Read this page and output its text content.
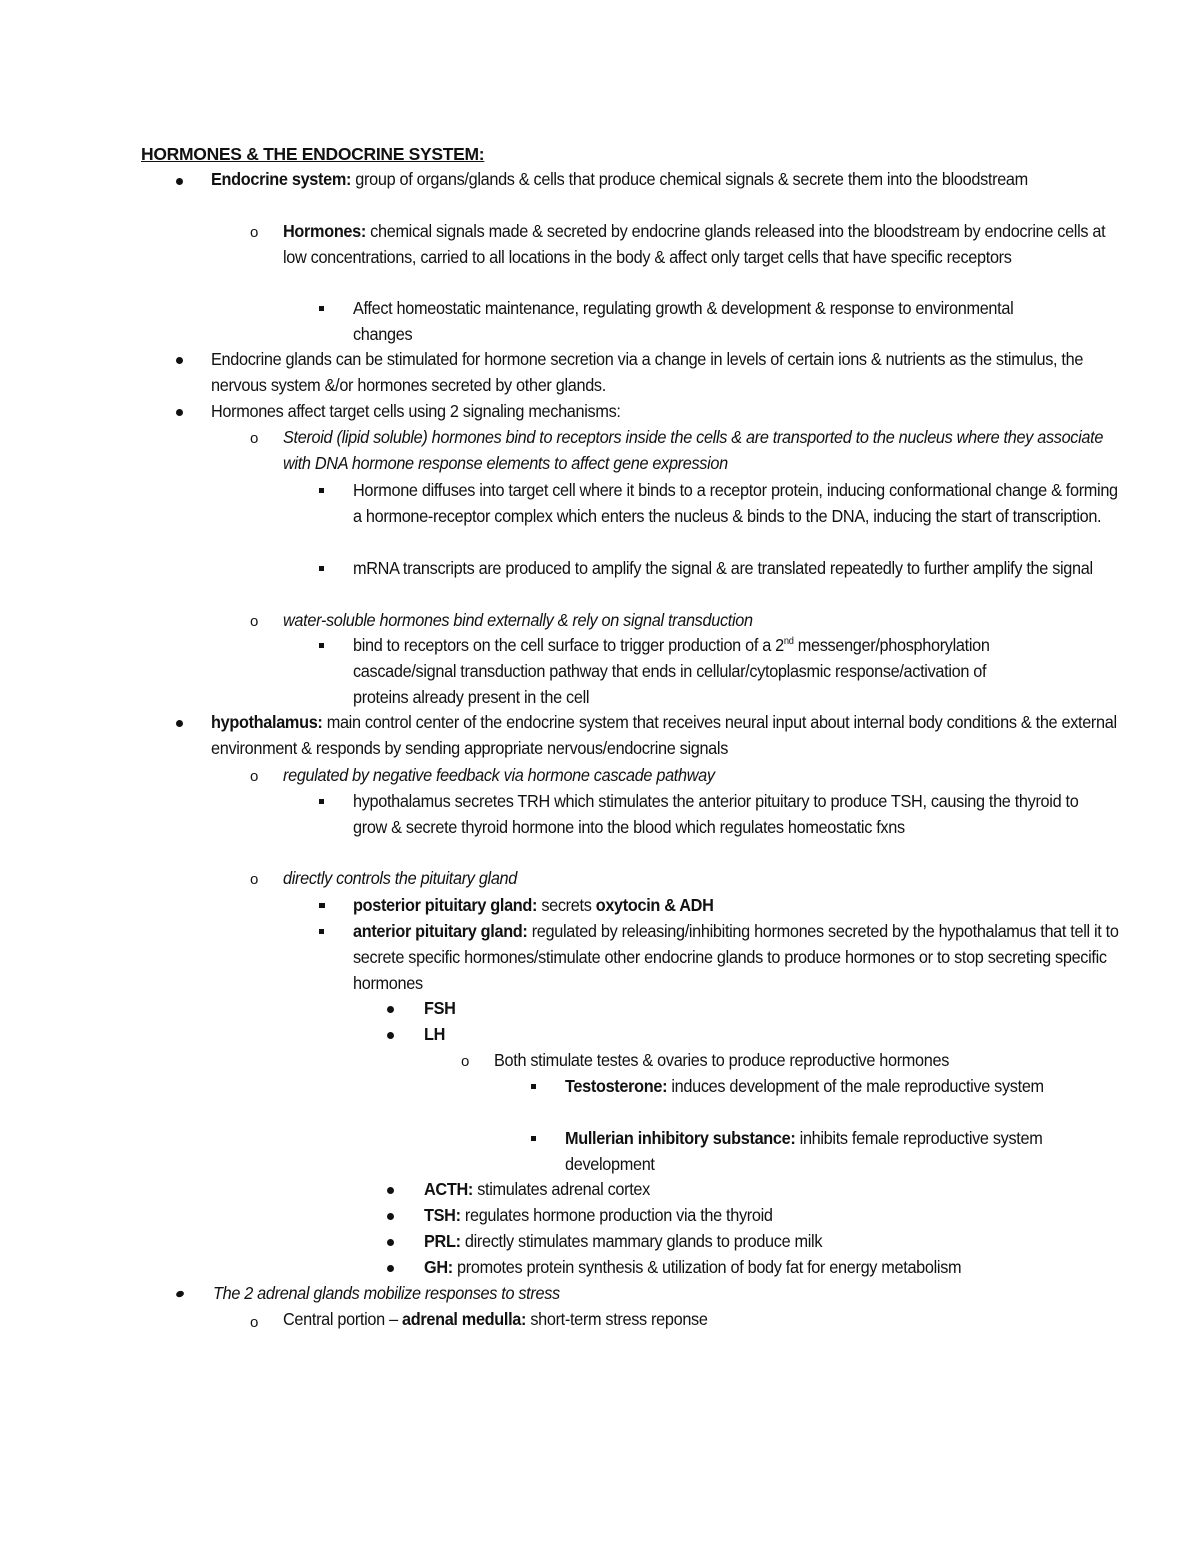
HORMONES & THE ENDOCRINE SYSTEM:
Endocrine system: group of organs/glands & cells that produce chemical signals & secrete them into the bloodstream
o Hormones: chemical signals made & secreted by endocrine glands released into the bloodstream by endocrine cells at low concentrations, carried to all locations in the body & affect only target cells that have specific receptors
Affect homeostatic maintenance, regulating growth & development & response to environmental changes
Endocrine glands can be stimulated for hormone secretion via a change in levels of certain ions & nutrients as the stimulus, the nervous system &/or hormones secreted by other glands.
Hormones affect target cells using 2 signaling mechanisms:
o Steroid (lipid soluble) hormones bind to receptors inside the cells & are transported to the nucleus where they associate with DNA hormone response elements to affect gene expression
Hormone diffuses into target cell where it binds to a receptor protein, inducing conformational change & forming a hormone-receptor complex which enters the nucleus & binds to the DNA, inducing the start of transcription.
mRNA transcripts are produced to amplify the signal & are translated repeatedly to further amplify the signal
o water-soluble hormones bind externally & rely on signal transduction
bind to receptors on the cell surface to trigger production of a 2nd messenger/phosphorylation cascade/signal transduction pathway that ends in cellular/cytoplasmic response/activation of proteins already present in the cell
hypothalamus: main control center of the endocrine system that receives neural input about internal body conditions & the external environment & responds by sending appropriate nervous/endocrine signals
o regulated by negative feedback via hormone cascade pathway
hypothalamus secretes TRH which stimulates the anterior pituitary to produce TSH, causing the thyroid to grow & secrete thyroid hormone into the blood which regulates homeostatic fxns
o directly controls the pituitary gland
posterior pituitary gland: secrets oxytocin & ADH
anterior pituitary gland: regulated by releasing/inhibiting hormones secreted by the hypothalamus that tell it to secrete specific hormones/stimulate other endocrine glands to produce hormones or to stop secreting specific hormones
FSH
LH
o Both stimulate testes & ovaries to produce reproductive hormones
Testosterone: induces development of the male reproductive system
Mullerian inhibitory substance: inhibits female reproductive system development
ACTH: stimulates adrenal cortex
TSH: regulates hormone production via the thyroid
PRL: directly stimulates mammary glands to produce milk
GH: promotes protein synthesis & utilization of body fat for energy metabolism
The 2 adrenal glands mobilize responses to stress
o Central portion – adrenal medulla: short-term stress reponse
